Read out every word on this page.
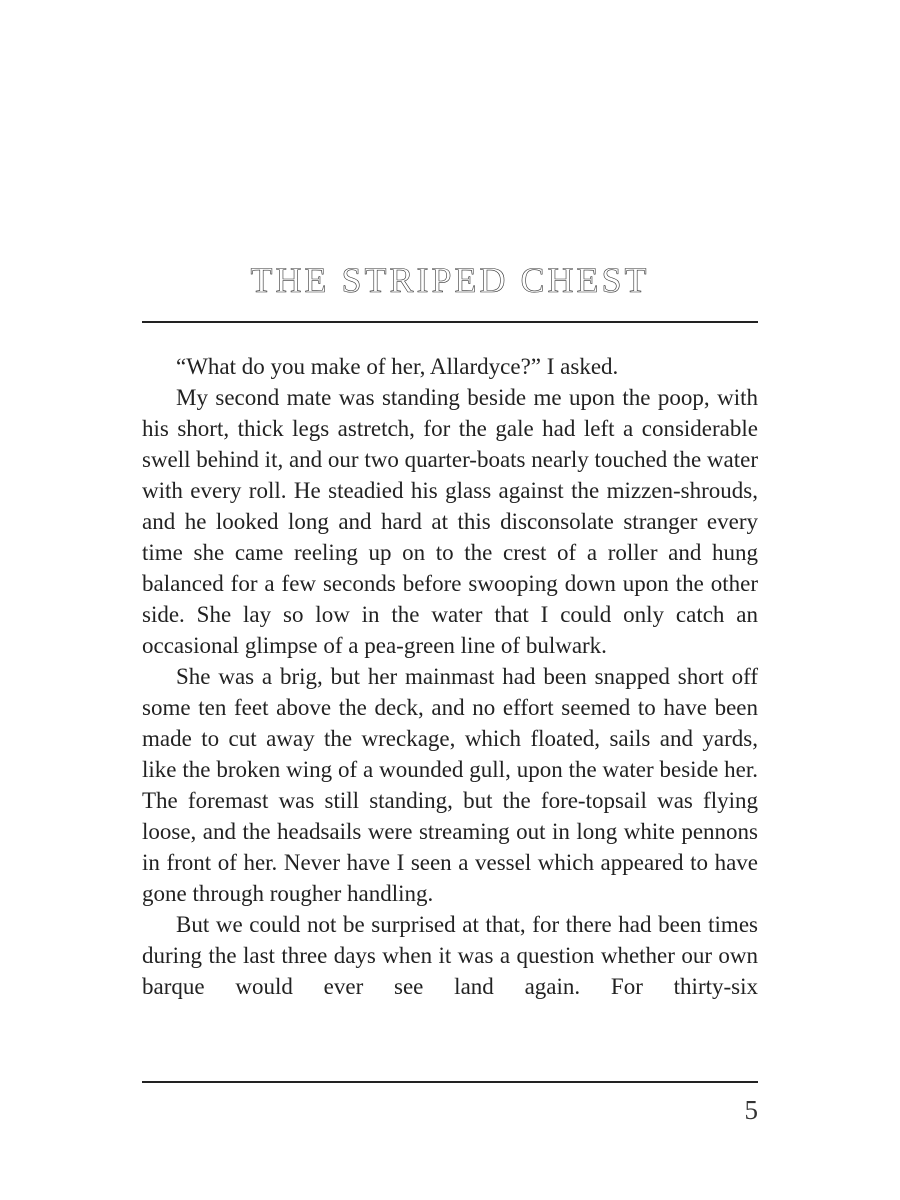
THE STRIPED CHEST

“What do you make of her, Allardyce?” I asked.

My second mate was standing beside me upon the poop, with his short, thick legs astretch, for the gale had left a considerable swell behind it, and our two quarter-boats nearly touched the water with every roll. He steadied his glass against the mizzen-shrouds, and he looked long and hard at this disconsolate stranger every time she came reeling up on to the crest of a roller and hung balanced for a few seconds before swooping down upon the other side. She lay so low in the water that I could only catch an occasional glimpse of a pea-green line of bulwark.

She was a brig, but her mainmast had been snapped short off some ten feet above the deck, and no effort seemed to have been made to cut away the wreckage, which floated, sails and yards, like the broken wing of a wounded gull, upon the water beside her. The foremast was still standing, but the fore-topsail was flying loose, and the headsails were streaming out in long white pennons in front of her. Never have I seen a vessel which appeared to have gone through rougher handling.

But we could not be surprised at that, for there had been times during the last three days when it was a question whether our own barque would ever see land again. For thirty-six

5
